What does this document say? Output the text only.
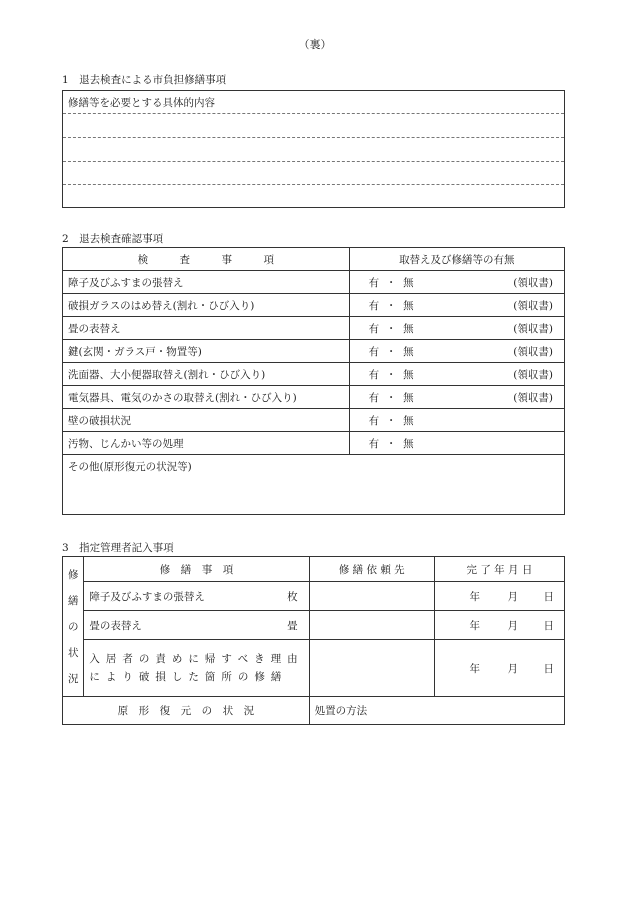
（裏）
1　退去検査による市負担修繕事項
修繕等を必要とする具体的内容
2　退去検査確認事項
検　　　査　　　事　　　項	取替え及び修繕等の有無
障子及びふすまの張替え	有 ・ 無 (領収書)

破損ガラスのはめ替え(割れ・ひび入り)	有 ・ 無 (領収書)

畳の表替え	有 ・ 無 (領収書)

鍵(玄関・ガラス戸・物置等)	有 ・ 無 (領収書)

洗面器、大小便器取替え(割れ・ひび入り)	有 ・ 無 (領収書)

電気器具、電気のかさの取替え(割れ・ひび入り)	有 ・ 無 (領収書)

壁の破損状況	有 ・ 無
汚物、じんかい等の処理	有 ・ 無
その他(原形復元の状況等)	
3　指定管理者記入事項
修
繕
の
状
況	修　繕　事　項	修 繕 依 頼 先	完 了 年 月 日
	障子及びふすまの張替え 枚		年 月 日
	畳の表替え 畳		年 月 日

	入居者の責めに帰すべき理由
により破損した箇所の修繕		年 月 日
原　形　復　元　の　状　況		処置の方法	
